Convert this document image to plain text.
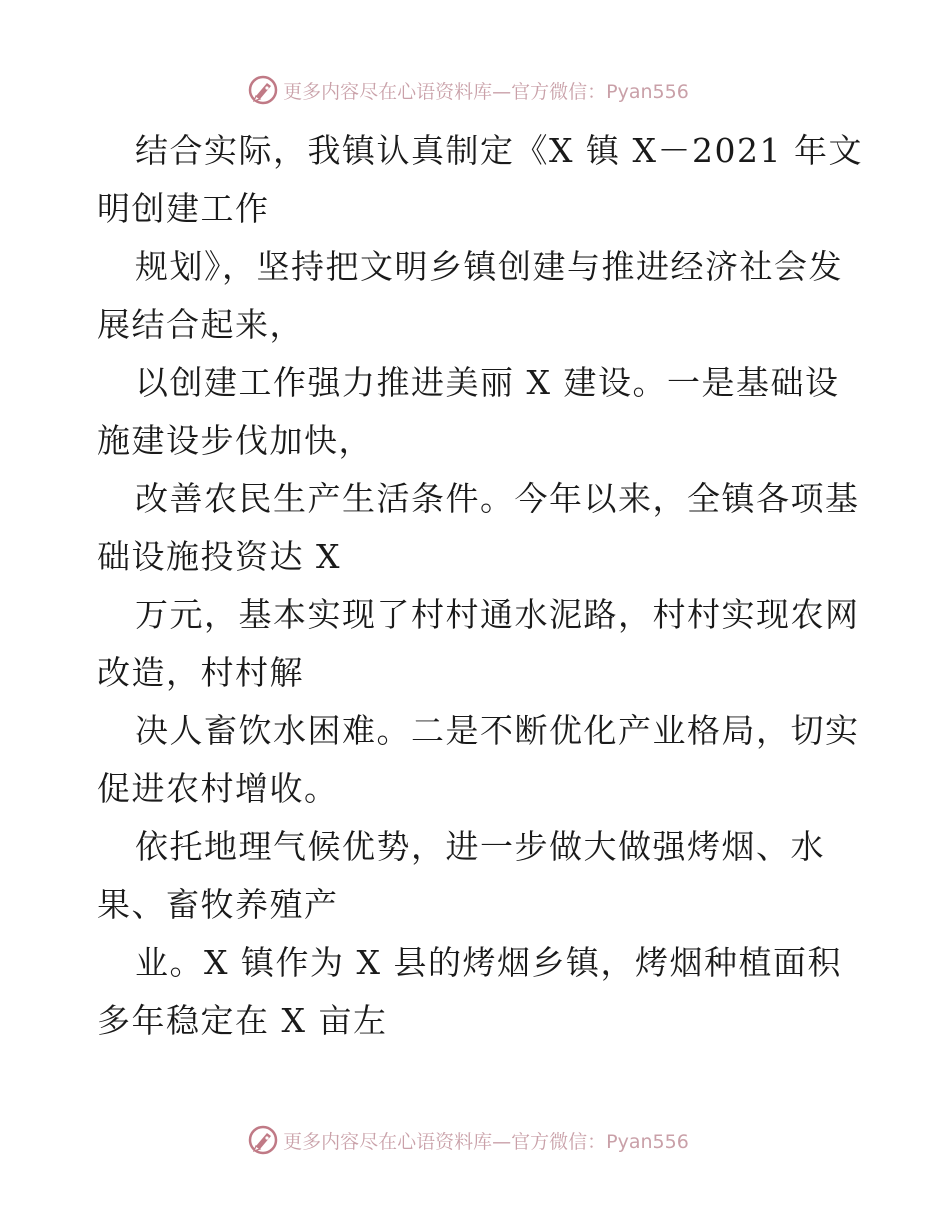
更多内容尽在心语资料库—官方微信：Pyan556

结合实际，我镇认真制定《X 镇 X－2021 年文
明创建工作

规划》，坚持把文明乡镇创建与推进经济社会发
展结合起来，

以创建工作强力推进美丽 X 建设。一是基础设
施建设步伐加快，

改善农民生产生活条件。今年以来，全镇各项基
础设施投资达 X

万元，基本实现了村村通水泥路，村村实现农网
改造，村村解

决人畜饮水困难。二是不断优化产业格局，切实
促进农村增收。

依托地理气候优势，进一步做大做强烤烟、水
果、畜牧养殖产

业。X 镇作为 X 县的烤烟乡镇，烤烟种植面积
多年稳定在 X 亩左

更多内容尽在心语资料库—官方微信：Pyan556
